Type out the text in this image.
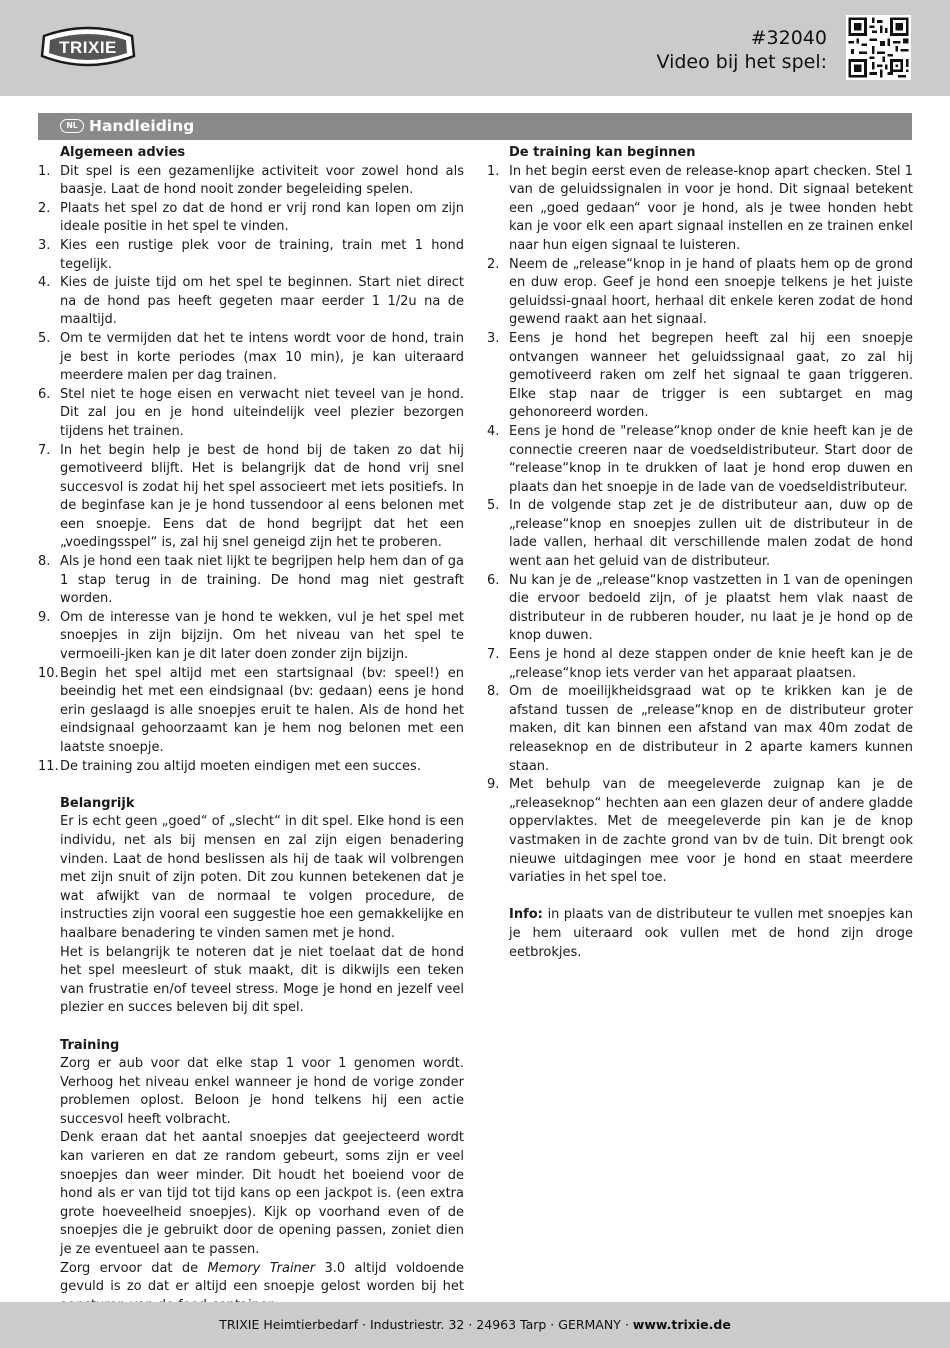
TRIXIE	#32040
Video bij het spel:
NL Handleiding
Algemeen advies
1. Dit spel is een gezamenlijke activiteit voor zowel hond als baasje. Laat de hond nooit zonder begeleiding spelen.
2. Plaats het spel zo dat de hond er vrij rond kan lopen om zijn ideale positie in het spel te vinden.
3. Kies een rustige plek voor de training, train met 1 hond tegelijk.
4. Kies de juiste tijd om het spel te beginnen. Start niet direct na de hond pas heeft gegeten maar eerder 1 1/2u na de maaltijd.
5. Om te vermijden dat het te intens wordt voor de hond, train je best in korte periodes (max 10 min), je kan uiteraard meerdere malen per dag trainen.
6. Stel niet te hoge eisen en verwacht niet teveel van je hond. Dit zal jou en je hond uiteindelijk veel plezier bezorgen tijdens het trainen.
7. In het begin help je best de hond bij de taken zo dat hij gemotiveerd blijft. Het is belangrijk dat de hond vrij snel succesvol is zodat hij het spel associeert met iets positiefs. In de beginfase kan je je hond tussendoor al eens belonen met een snoepje. Eens dat de hond begrijpt dat het een „voedingsspel“ is, zal hij snel geneigd zijn het te proberen.
8. Als je hond een taak niet lijkt te begrijpen help hem dan of ga 1 stap terug in de training. De hond mag niet gestraft worden.
9. Om de interesse van je hond te wekken, vul je het spel met snoepjes in zijn bijzijn. Om het niveau van het spel te vermoeili-jken kan je dit later doen zonder zijn bijzijn.
10. Begin het spel altijd met een startsignaal (bv: speel!) en beeindig het met een eindsignaal (bv: gedaan) eens je hond erin geslaagd is alle snoepjes eruit te halen. Als de hond het eindsignaal gehoorzaamt kan je hem nog belonen met een laatste snoepje.
11. De training zou altijd moeten eindigen met een succes.
Belangrijk
Er is echt geen „goed“ of „slecht“ in dit spel. Elke hond is een individu, net als bij mensen en zal zijn eigen benadering vinden. Laat de hond beslissen als hij de taak wil volbrengen met zijn snuit of zijn poten. Dit zou kunnen betekenen dat je wat afwijkt van de normaal te volgen procedure, de instructies zijn vooral een suggestie hoe een gemakkelijke en haalbare benadering te vinden samen met je hond.
Het is belangrijk te noteren dat je niet toelaat dat de hond het spel meesleurt of stuk maakt, dit is dikwijls een teken van frustratie en/of teveel stress. Moge je hond en jezelf veel plezier en succes beleven bij dit spel.
Training
Zorg er aub voor dat elke stap 1 voor 1 genomen wordt. Verhoog het niveau enkel wanneer je hond de vorige zonder problemen oplost. Beloon je hond telkens hij een actie succesvol heeft volbracht.
Denk eraan dat het aantal snoepjes dat geejecteerd wordt kan varieren en dat ze random gebeurt, soms zijn er veel snoepjes dan weer minder. Dit houdt het boeiend voor de hond als er van tijd tot tijd kans op een jackpot is. (een extra grote hoeveelheid snoepjes). Kijk op voorhand even of de snoepjes die je gebruikt door de opening passen, zoniet dien je ze eventueel aan te passen.
Zorg ervoor dat de Memory Trainer 3.0 altijd voldoende gevuld is zo dat er altijd een snoepje gelost worden bij het
De training kan beginnen
1. In het begin eerst even de release-knop apart checken. Stel 1 van de geluidssignalen in voor je hond. Dit signaal betekent een „goed gedaan“ voor je hond, als je twee honden hebt kan je voor elk een apart signaal instellen en ze trainen enkel naar hun eigen signaal te luisteren.
2. Neem de „release“knop in je hand of plaats hem op de grond en duw erop. Geef je hond een snoepje telkens je het juiste geluidssi-gnaal hoort, herhaal dit enkele keren zodat de hond gewend raakt aan het signaal.
3. Eens je hond het begrepen heeft zal hij een snoepje ontvangen wanneer het geluidssignaal gaat, zo zal hij gemotiveerd raken om zelf het signaal te gaan triggeren. Elke stap naar de trigger is een subtarget en mag gehonoreerd worden.
4. Eens je hond de "release“knop onder de knie heeft kan je de connectie creeren naar de voedseldistributeur. Start door de “release“knop in te drukken of laat je hond erop duwen en plaats dan het snoepje in de lade van de voedseldistributeur.
5. In de volgende stap zet je de distributeur aan, duw op de „release“knop en snoepjes zullen uit de distributeur in de lade vallen, herhaal dit verschillende malen zodat de hond went aan het geluid van de distributeur.
6. Nu kan je de „release“knop vastzetten in 1 van de openingen die ervoor bedoeld zijn, of je plaatst hem vlak naast de distributeur in de rubberen houder, nu laat je je hond op de knop duwen.
7. Eens je hond al deze stappen onder de knie heeft kan je de „release“knop iets verder van het apparaat plaatsen.
8. Om de moeilijkheidsgraad wat op te krikken kan je de afstand tussen de „release“knop en de distributeur groter maken, dit kan binnen een afstand van max 40m zodat de releaseknop en de distributeur in 2 aparte kamers kunnen staan.
9. Met behulp van de meegeleverde zuignap kan je de „releaseknop“ hechten aan een glazen deur of andere gladde oppervlaktes. Met de meegeleverde pin kan je de knop vastmaken in de zachte grond van bv de tuin. Dit brengt ook nieuwe uitdagingen mee voor je hond en staat meerdere variaties in het spel toe.
Info: in plaats van de distributeur te vullen met snoepjes kan je hem uiteraard ook vullen met de hond zijn droge eetbrokjes.
TRIXIE Heimtierbedarf · Industriestr. 32 · 24963 Tarp · GERMANY · www.trixie.de
